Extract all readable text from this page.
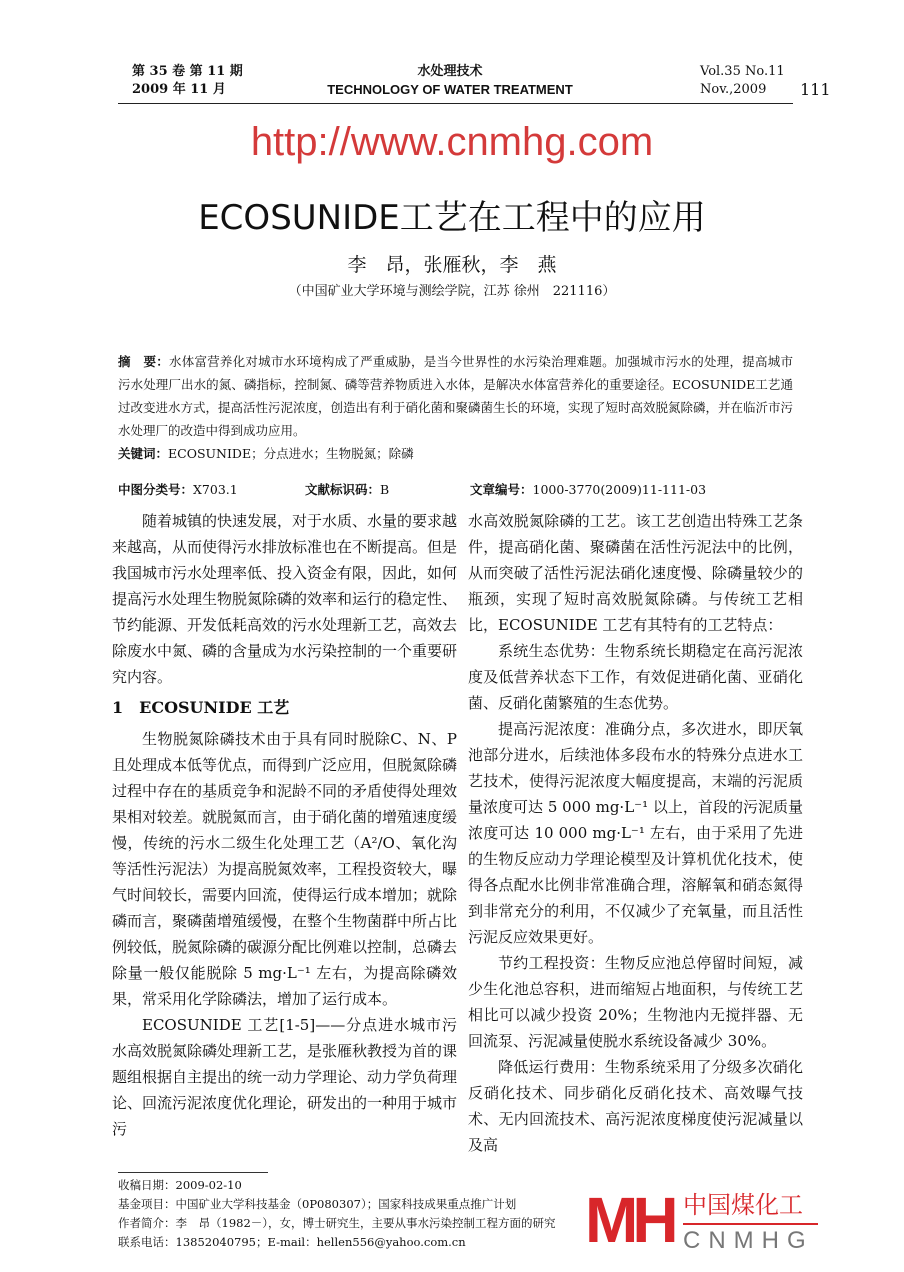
第 35 卷 第 11 期
2009 年 11 月
水处理技术
TECHNOLOGY OF WATER TREATMENT
Vol.35 No.11
Nov.,2009	111
http://www.cnmhg.com
ECOSUNIDE工艺在工程中的应用
李　昂，张雁秋，李　燕
（中国矿业大学环境与测绘学院，江苏 徐州　221116）
摘　要：水体富营养化对城市水环境构成了严重威胁，是当今世界性的水污染治理难题。加强城市污水的处理，提高城市污水处理厂出水的氮、磷指标，控制氮、磷等营养物质进入水体，是解决水体富营养化的重要途径。ECOSUNIDE工艺通过改变进水方式，提高活性污泥浓度，创造出有利于硝化菌和聚磷菌生长的环境，实现了短时高效脱氮除磷，并在临沂市污水处理厂的改造中得到成功应用。
关键词：ECOSUNIDE；分点进水；生物脱氮；除磷
中图分类号：X703.1	文献标识码：B	文章编号：1000-3770(2009)11-111-03

随着城镇的快速发展，对于水质、水量的要求越来越高，从而使得污水排放标准也在不断提高。但是我国城市污水处理率低、投入资金有限，因此，如何提高污水处理生物脱氮除磷的效率和运行的稳定性、节约能源、开发低耗高效的污水处理新工艺，高效去除废水中氮、磷的含量成为水污染控制的一个重要研究内容。

1　ECOSUNIDE 工艺

生物脱氮除磷技术由于具有同时脱除C、N、P且处理成本低等优点，而得到广泛应用，但脱氮除磷过程中存在的基质竞争和泥龄不同的矛盾使得处理效果相对较差。就脱氮而言，由于硝化菌的增殖速度缓慢，传统的污水二级生化处理工艺（A²/O、氧化沟等活性污泥法）为提高脱氮效率，工程投资较大，曝气时间较长，需要内回流，使得运行成本增加；就除磷而言，聚磷菌增殖缓慢，在整个生物菌群中所占比例较低，脱氮除磷的碳源分配比例难以控制，总磷去除量一般仅能脱除 5 mg·L⁻¹ 左右，为提高除磷效果，常采用化学除磷法，增加了运行成本。

ECOSUNIDE 工艺[1-5]——分点进水城市污水高效脱氮除磷处理新工艺，是张雁秋教授为首的课题组根据自主提出的统一动力学理论、动力学负荷理论、回流污泥浓度优化理论，研发出的一种用于城市污

水高效脱氮除磷的工艺。该工艺创造出特殊工艺条件，提高硝化菌、聚磷菌在活性污泥法中的比例，从而突破了活性污泥法硝化速度慢、除磷量较少的瓶颈，实现了短时高效脱氮除磷。与传统工艺相比，ECOSUNIDE 工艺有其特有的工艺特点：

系统生态优势：生物系统长期稳定在高污泥浓度及低营养状态下工作，有效促进硝化菌、亚硝化菌、反硝化菌繁殖的生态优势。

提高污泥浓度：准确分点，多次进水，即厌氧池部分进水，后续池体多段布水的特殊分点进水工艺技术，使得污泥浓度大幅度提高，末端的污泥质量浓度可达 5 000 mg·L⁻¹ 以上，首段的污泥质量浓度可达 10 000 mg·L⁻¹ 左右，由于采用了先进的生物反应动力学理论模型及计算机优化技术，使得各点配水比例非常准确合理，溶解氧和硝态氮得到非常充分的利用，不仅减少了充氧量，而且活性污泥反应效果更好。

节约工程投资：生物反应池总停留时间短，减少生化池总容积，进而缩短占地面积，与传统工艺相比可以减少投资 20%；生物池内无搅拌器、无回流泵、污泥减量使脱水系统设备减少 30%。

降低运行费用：生物系统采用了分级多次硝化反硝化技术、同步硝化反硝化技术、高效曝气技术、无内回流技术、高污泥浓度梯度使污泥减量以及高

收稿日期：2009-02-10
基金项目：中国矿业大学科技基金（0P080307）；国家科技成果重点推广计划
作者简介：李　昂（1982－），女，博士研究生，主要从事水污染控制工程方面的研究
联系电话：13852040795；E-mail：hellen556@yahoo.com.cn	MH 中国煤化工
CNMHG
